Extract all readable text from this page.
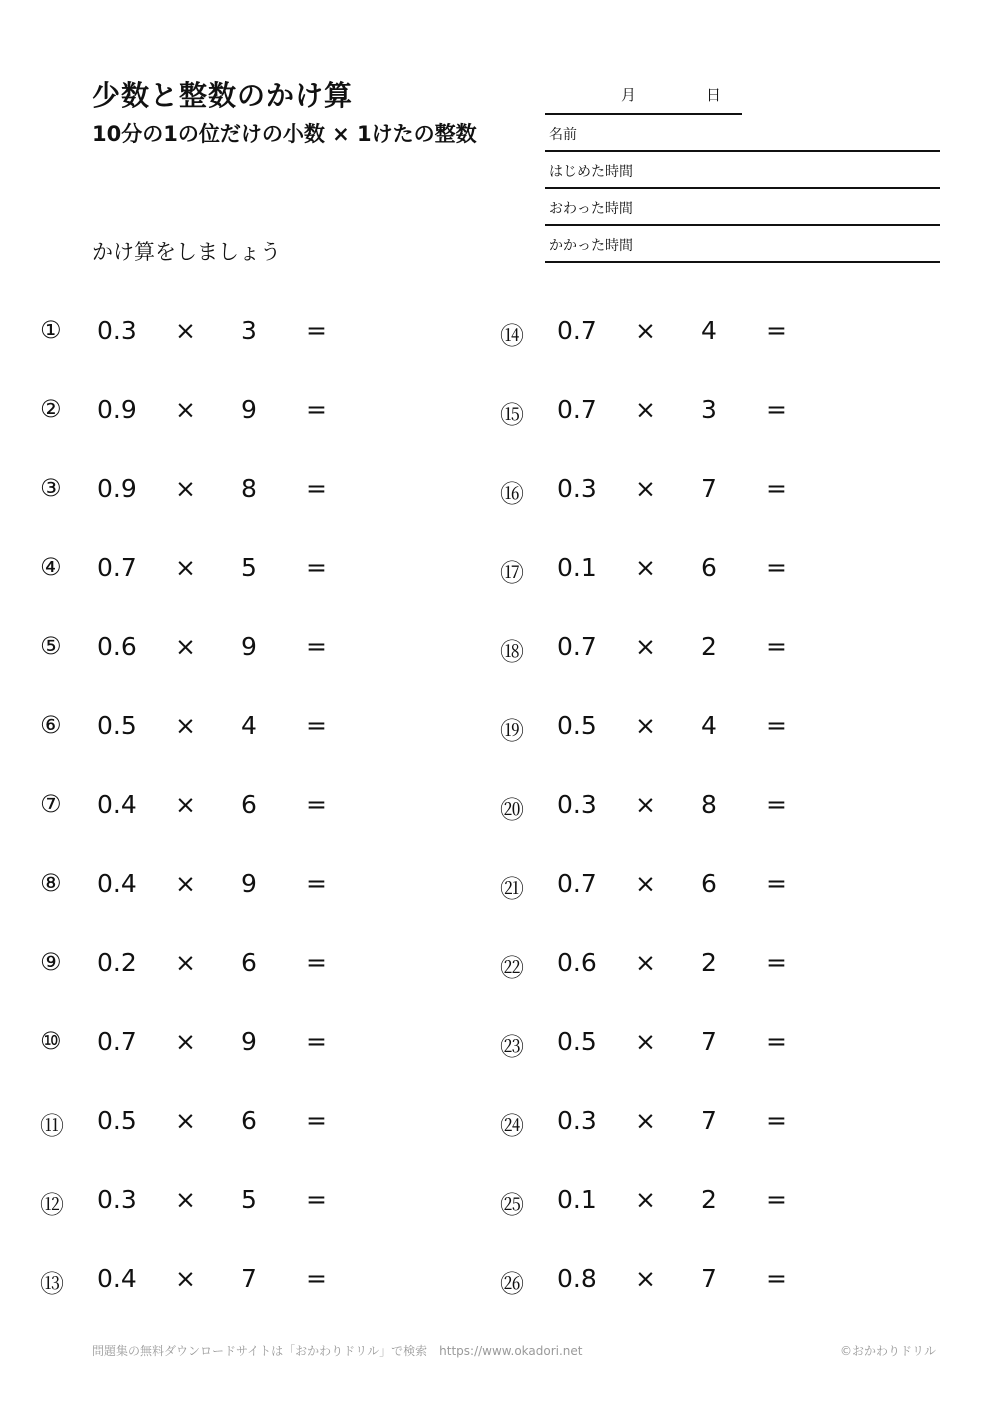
少数と整数のかけ算
10分の1の位だけの小数 × 1けたの整数
かけ算をしましょう
月	日
名前
はじめた時間
おわった時間
かかった時間
① 0.3 × 3 =
② 0.9 × 9 =
③ 0.9 × 8 =
④ 0.7 × 5 =
⑤ 0.6 × 9 =
⑥ 0.5 × 4 =
⑦ 0.4 × 6 =
⑧ 0.4 × 9 =
⑨ 0.2 × 6 =
⑩ 0.7 × 9 =
⑪ 0.5 × 6 =
⑫ 0.3 × 5 =
⑬ 0.4 × 7 =
⑭ 0.7 × 4 =
⑮ 0.7 × 3 =
⑯ 0.3 × 7 =
⑰ 0.1 × 6 =
⑱ 0.7 × 2 =
⑲ 0.5 × 4 =
⑳ 0.3 × 8 =
㉑ 0.7 × 6 =
㉒ 0.6 × 2 =
㉓ 0.5 × 7 =
㉔ 0.3 × 7 =
㉕ 0.1 × 2 =
㉖ 0.8 × 7 =
問題集の無料ダウンロードサイトは「おかわりドリル」で検索　https://www.okadori.net	©おかわりドリル
